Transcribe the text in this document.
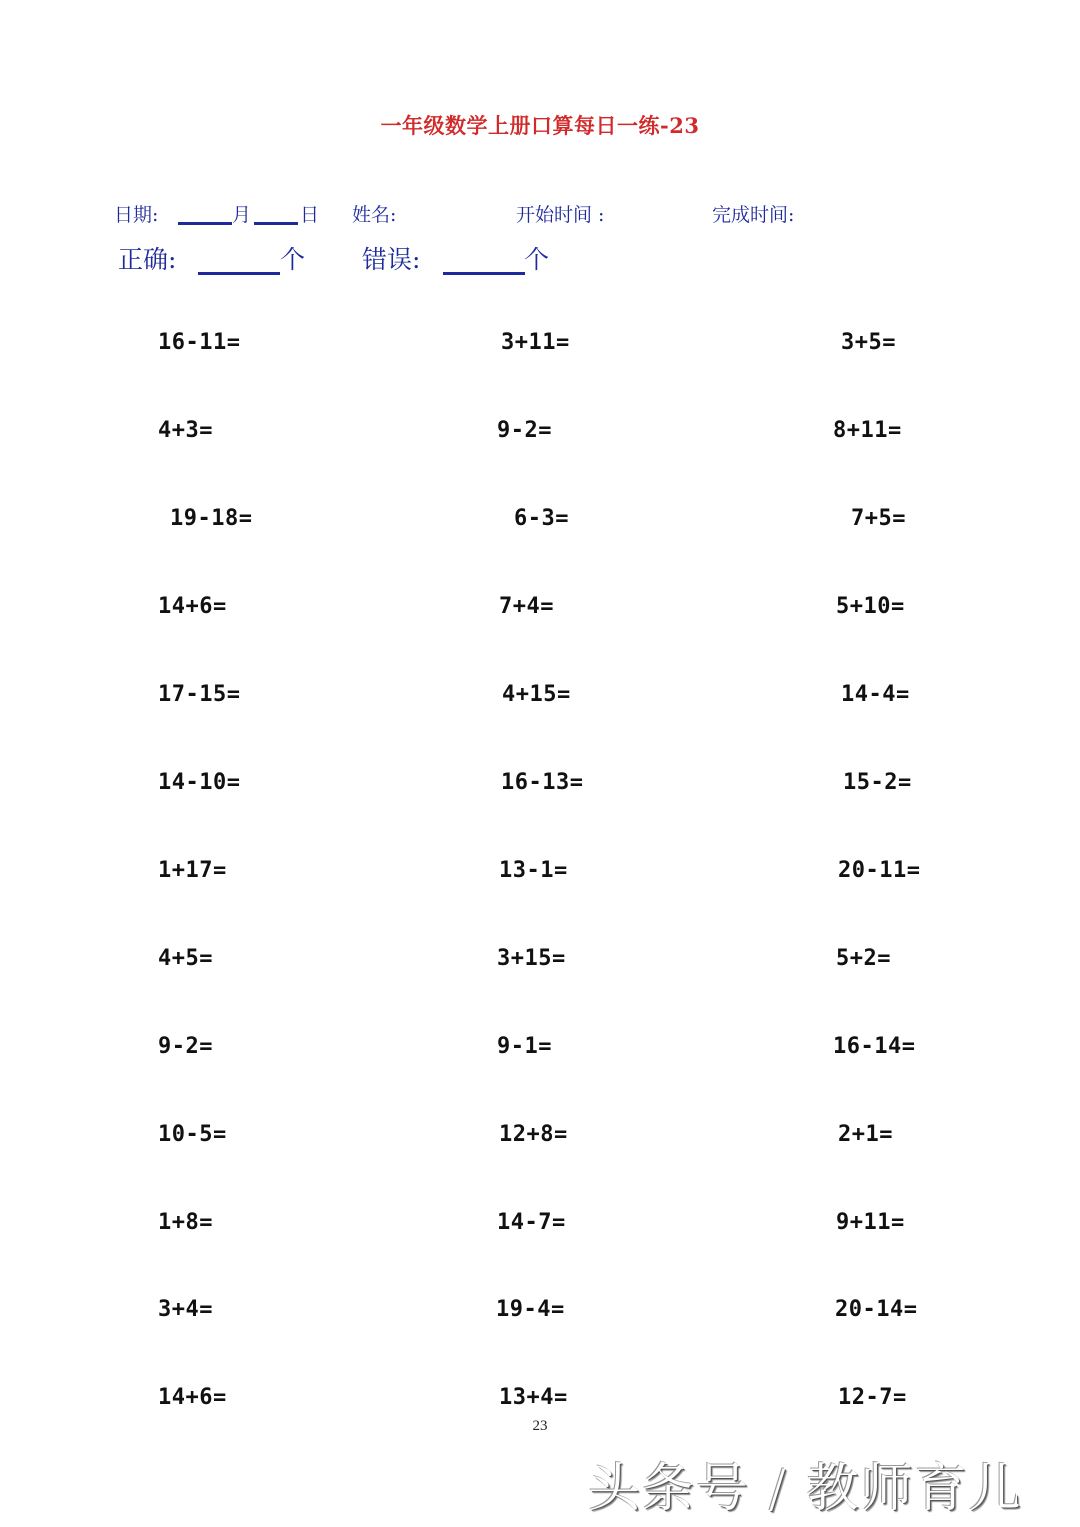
一年级数学上册口算每日一练-23
日期:	月	日 姓名:	开始时间 :	完成时间:
正确:	个 错误:	个
16-11=	3+11=	3+5=
4+3=	9-2=	8+11=
19-18=	6-3=	7+5=
14+6=	7+4=	5+10=
17-15=	4+15=	14-4=
14-10=	16-13=	15-2=
1+17=	13-1=	20-11=
4+5=	3+15=	5+2=
9-2=	9-1=	16-14=
10-5=	12+8=	2+1=
1+8=	14-7=	9+11=
3+4=	19-4=	20-14=
14+6=	13+4=	12-7=
23
头条号 / 教师育儿
